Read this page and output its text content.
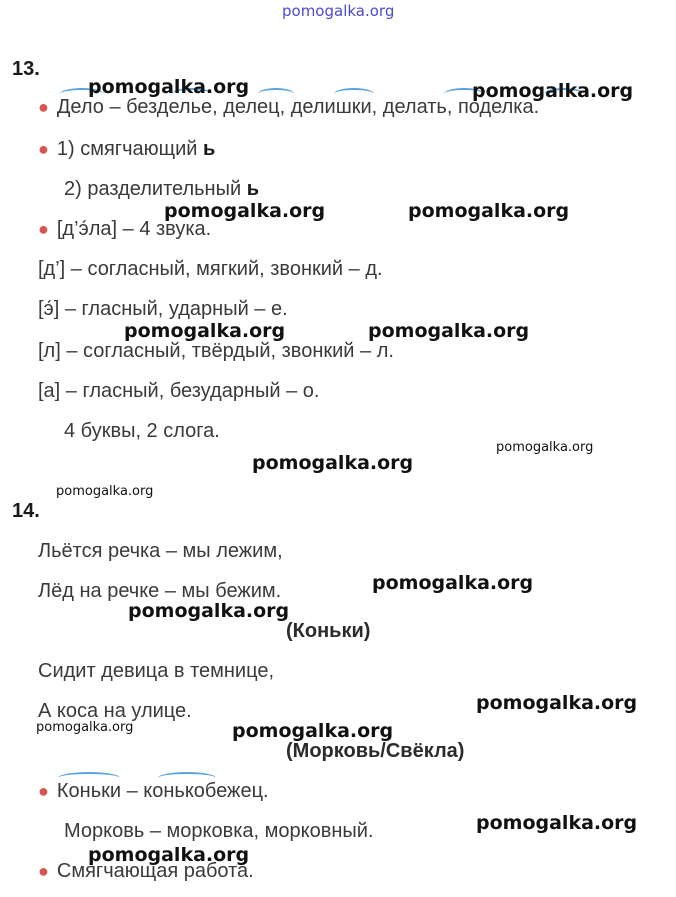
pomogalka.org
13.
● Дело – безделье, делец, делишки, делать, поделка.
● 1) смягчающий ь
2) разделительный ь
● [д’э́ла] – 4 звука.
[д’] – согласный, мягкий, звонкий – д.
[э́] – гласный, ударный – е.
[л] – согласный, твёрдый, звонкий – л.
[а] – гласный, безударный – о.
4 буквы, 2 слога.
14.
Льётся речка – мы лежим,
Лёд на речке – мы бежим.
(Коньки)
Сидит девица в темнице,
А коса на улице.
(Морковь/Свёкла)
● Коньки – конькобежец.
Морковь – морковка, морковный.
● Смягчающая работа.
pomogalka.org	pomogalka.org
pomogalka.org	pomogalka.org
pomogalka.org	pomogalka.org
pomogalka.org
pomogalka.org
pomogalka.org
pomogalka.org
pomogalka.org
pomogalka.org
pomogalka.org	pomogalka.org
pomogalka.org
pomogalka.org
